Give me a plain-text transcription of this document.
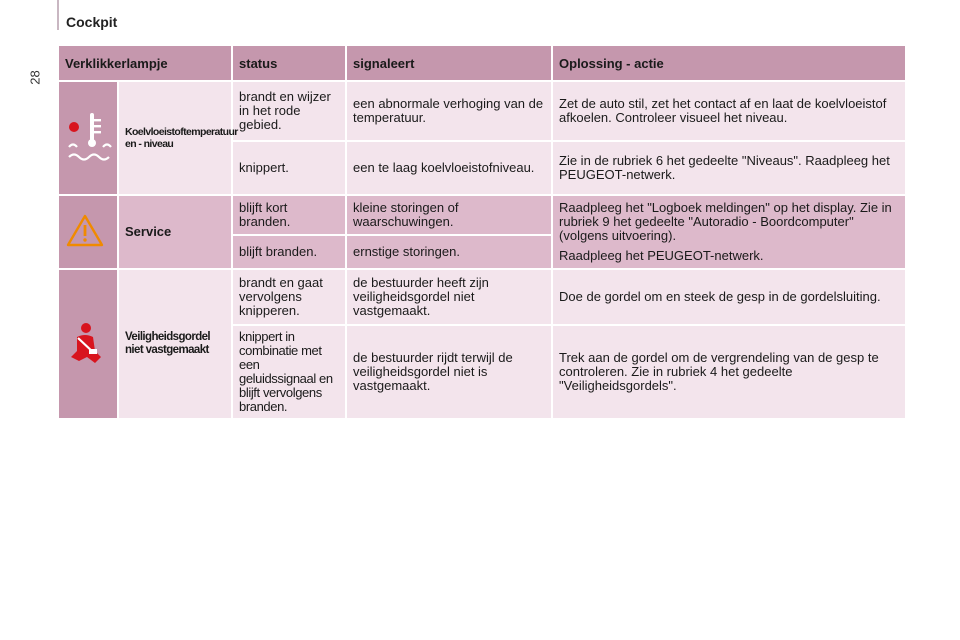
28
Cockpit
Verklikkerlampje		status	signaleert	Oplossing - actie
	Koelvloeistoftemperatuur en - niveau	brandt en wijzer in het rode gebied.	een abnormale verhoging van de temperatuur.	Zet de auto stil, zet het contact af en laat de koelvloeistof afkoelen. Controleer visueel het niveau.
		knippert.	een te laag koelvloeistofniveau.	Zie in de rubriek 6 het gedeelte "Niveaus". Raadpleeg het PEUGEOT-netwerk.
	Service	blijft kort branden.	kleine storingen of waarschuwingen.	Raadpleeg het "Logboek meldingen" op het display. Zie in rubriek 9 het gedeelte "Autoradio - Boordcomputer" (volgens uitvoering).
Raadpleeg het PEUGEOT-netwerk.

		blijft branden.	ernstige storingen.	
	Veiligheidsgordel niet vastgemaakt	brandt en gaat vervolgens knipperen.	de bestuurder heeft zijn veiligheidsgordel niet vastgemaakt.	Doe de gordel om en steek de gesp in de gordelsluiting.
		knippert in combinatie met een geluidssignaal en blijft vervolgens branden.	de bestuurder rijdt terwijl de veiligheidsgordel niet is vastgemaakt.	Trek aan de gordel om de vergrendeling van de gesp te controleren. Zie in rubriek 4 het gedeelte "Veiligheidsgordels".
